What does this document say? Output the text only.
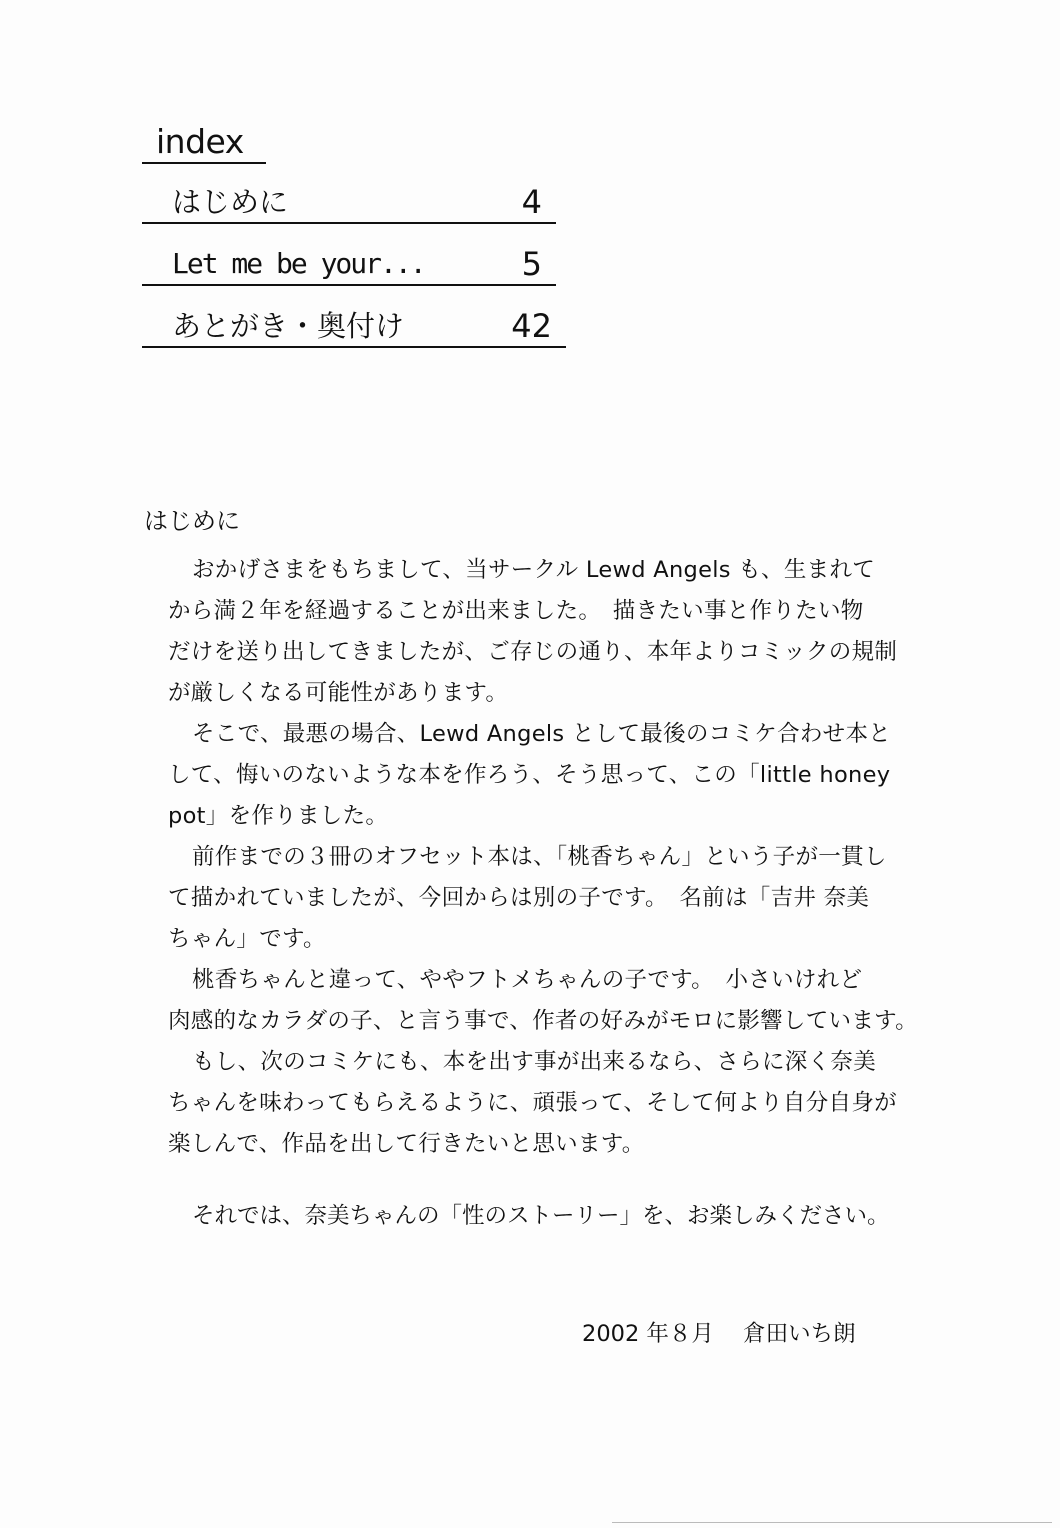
index
はじめに	4
Let me be your...	5
あとがき・奥付け	42
はじめに

おかげさまをもちまして、当サークル Lewd Angels も、生まれて
から満２年を経過することが出来ました。　描きたい事と作りたい物
だけを送り出してきましたが、ご存じの通り、本年よりコミックの規制
が厳しくなる可能性があります。

そこで、最悪の場合、Lewd Angels として最後のコミケ合わせ本と
して、悔いのないような本を作ろう、そう思って、この「little honey
pot」を作りました。

前作までの３冊のオフセット本は、「桃香ちゃん」という子が一貫し
て描かれていましたが、今回からは別の子です。　名前は「吉井 奈美
ちゃん」です。

桃香ちゃんと違って、ややフトメちゃんの子です。　小さいけれど
肉感的なカラダの子、と言う事で、作者の好みがモロに影響しています。

もし、次のコミケにも、本を出す事が出来るなら、さらに深く奈美
ちゃんを味わってもらえるように、頑張って、そして何より自分自身が
楽しんで、作品を出して行きたいと思います。

それでは、奈美ちゃんの「性のストーリー」を、お楽しみください。
2002 年８月 倉田いち朗
